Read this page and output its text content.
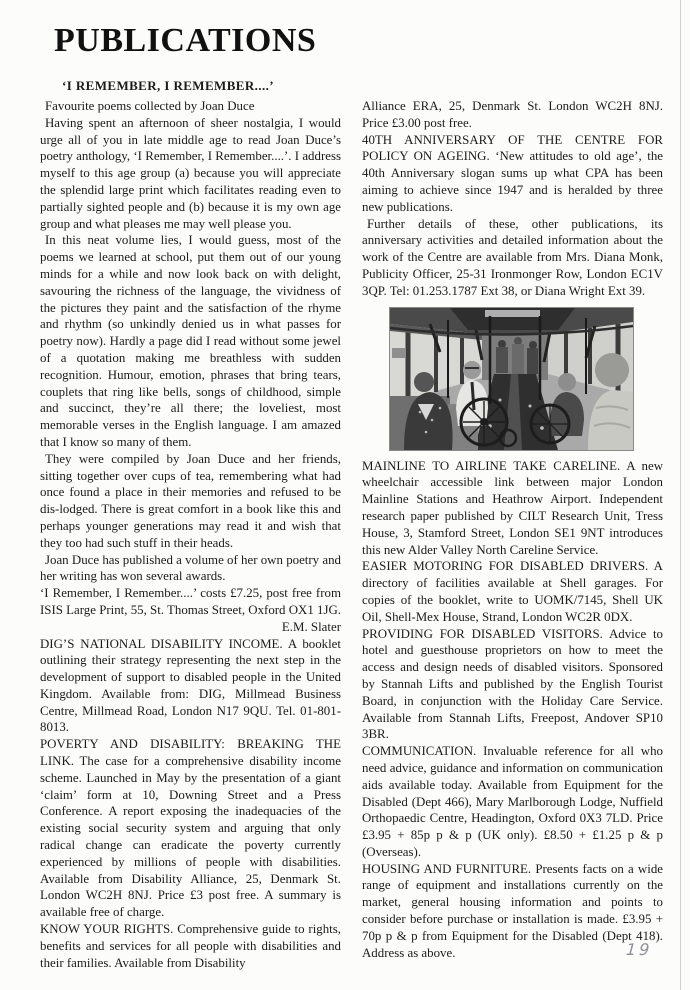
PUBLICATIONS
‘I REMEMBER, I REMEMBER....’

Favourite poems collected by Joan Duce

Having spent an afternoon of sheer nostalgia, I would urge all of you in late middle age to read Joan Duce’s poetry anthology, ‘I Remember, I Remember....’. I address myself to this age group (a) because you will appreciate the splendid large print which facilitates reading even to partially sighted people and (b) because it is my own age group and what pleases me may well please you.

In this neat volume lies, I would guess, most of the poems we learned at school, put them out of our young minds for a while and now look back on with delight, savouring the richness of the language, the vividness of the pictures they paint and the satisfaction of the rhyme and rhythm (so unkindly denied us in what passes for poetry now). Hardly a page did I read without some jewel of a quotation making me breathless with sudden recognition. Humour, emotion, phrases that bring tears, couplets that ring like bells, songs of childhood, simple and succinct, they’re all there; the loveliest, most memorable verses in the English language. I am amazed that I know so many of them.

They were compiled by Joan Duce and her friends, sitting together over cups of tea, remembering what had once found a place in their memories and refused to be dis-lodged. There is great comfort in a book like this and perhaps younger generations may read it and wish that they too had such stuff in their heads.

Joan Duce has published a volume of her own poetry and her writing has won several awards.

‘I Remember, I Remember....’ costs £7.25, post free from ISIS Large Print, 55, St. Thomas Street, Oxford OX1 1JG.

E.M. Slater

DIG’S NATIONAL DISABILITY INCOME. A booklet outlining their strategy representing the next step in the development of support to disabled people in the United Kingdom. Available from: DIG, Millmead Business Centre, Millmead Road, London N17 9QU. Tel. 01-801-8013.

POVERTY AND DISABILITY: BREAKING THE LINK. The case for a comprehensive disability income scheme. Launched in May by the presentation of a giant ‘claim’ form at 10, Downing Street and a Press Conference. A report exposing the inadequacies of the existing social security system and arguing that only radical change can eradicate the poverty currently experienced by millions of people with disabilities. Available from Disability Alliance, 25, Denmark St. London WC2H 8NJ. Price £3 post free. A summary is available free of charge.

KNOW YOUR RIGHTS. Comprehensive guide to rights, benefits and services for all people with disabilities and their families. Available from Disability

Alliance ERA, 25, Denmark St. London WC2H 8NJ. Price £3.00 post free.

40TH ANNIVERSARY OF THE CENTRE FOR POLICY ON AGEING. ‘New attitudes to old age’, the 40th Anniversary slogan sums up what CPA has been aiming to achieve since 1947 and is heralded by three new publications.

Further details of these, other publications, its anniversary activities and detailed information about the work of the Centre are available from Mrs. Diana Monk, Publicity Officer, 25-31 Ironmonger Row, London EC1V 3QP. Tel: 01.253.1787 Ext 38, or Diana Wright Ext 39.

MAINLINE TO AIRLINE TAKE CARELINE. A new wheelchair accessible link between major London Mainline Stations and Heathrow Airport. Independent research paper published by CILT Research Unit, Tress House, 3, Stamford Street, London SE1 9NT introduces this new Alder Valley North Careline Service.

EASIER MOTORING FOR DISABLED DRIVERS. A directory of facilities available at Shell garages. For copies of the booklet, write to UOMK/7145, Shell UK Oil, Shell-Mex House, Strand, London WC2R 0DX.

PROVIDING FOR DISABLED VISITORS. Advice to hotel and guesthouse proprietors on how to meet the access and design needs of disabled visitors. Sponsored by Stannah Lifts and published by the English Tourist Board, in conjunction with the Holiday Care Service. Available from Stannah Lifts, Freepost, Andover SP10 3BR.

COMMUNICATION. Invaluable reference for all who need advice, guidance and information on communication aids available today. Available from Equipment for the Disabled (Dept 466), Mary Marlborough Lodge, Nuffield Orthopaedic Centre, Headington, Oxford 0X3 7LD. Price £3.95 + 85p p & p (UK only). £8.50 + £1.25 p & p (Overseas).

HOUSING AND FURNITURE. Presents facts on a wide range of equipment and installations currently on the market, general housing information and points to consider before purchase or installation is made. £3.95 + 70p p & p from Equipment for the Disabled (Dept 418). Address as above.	19
